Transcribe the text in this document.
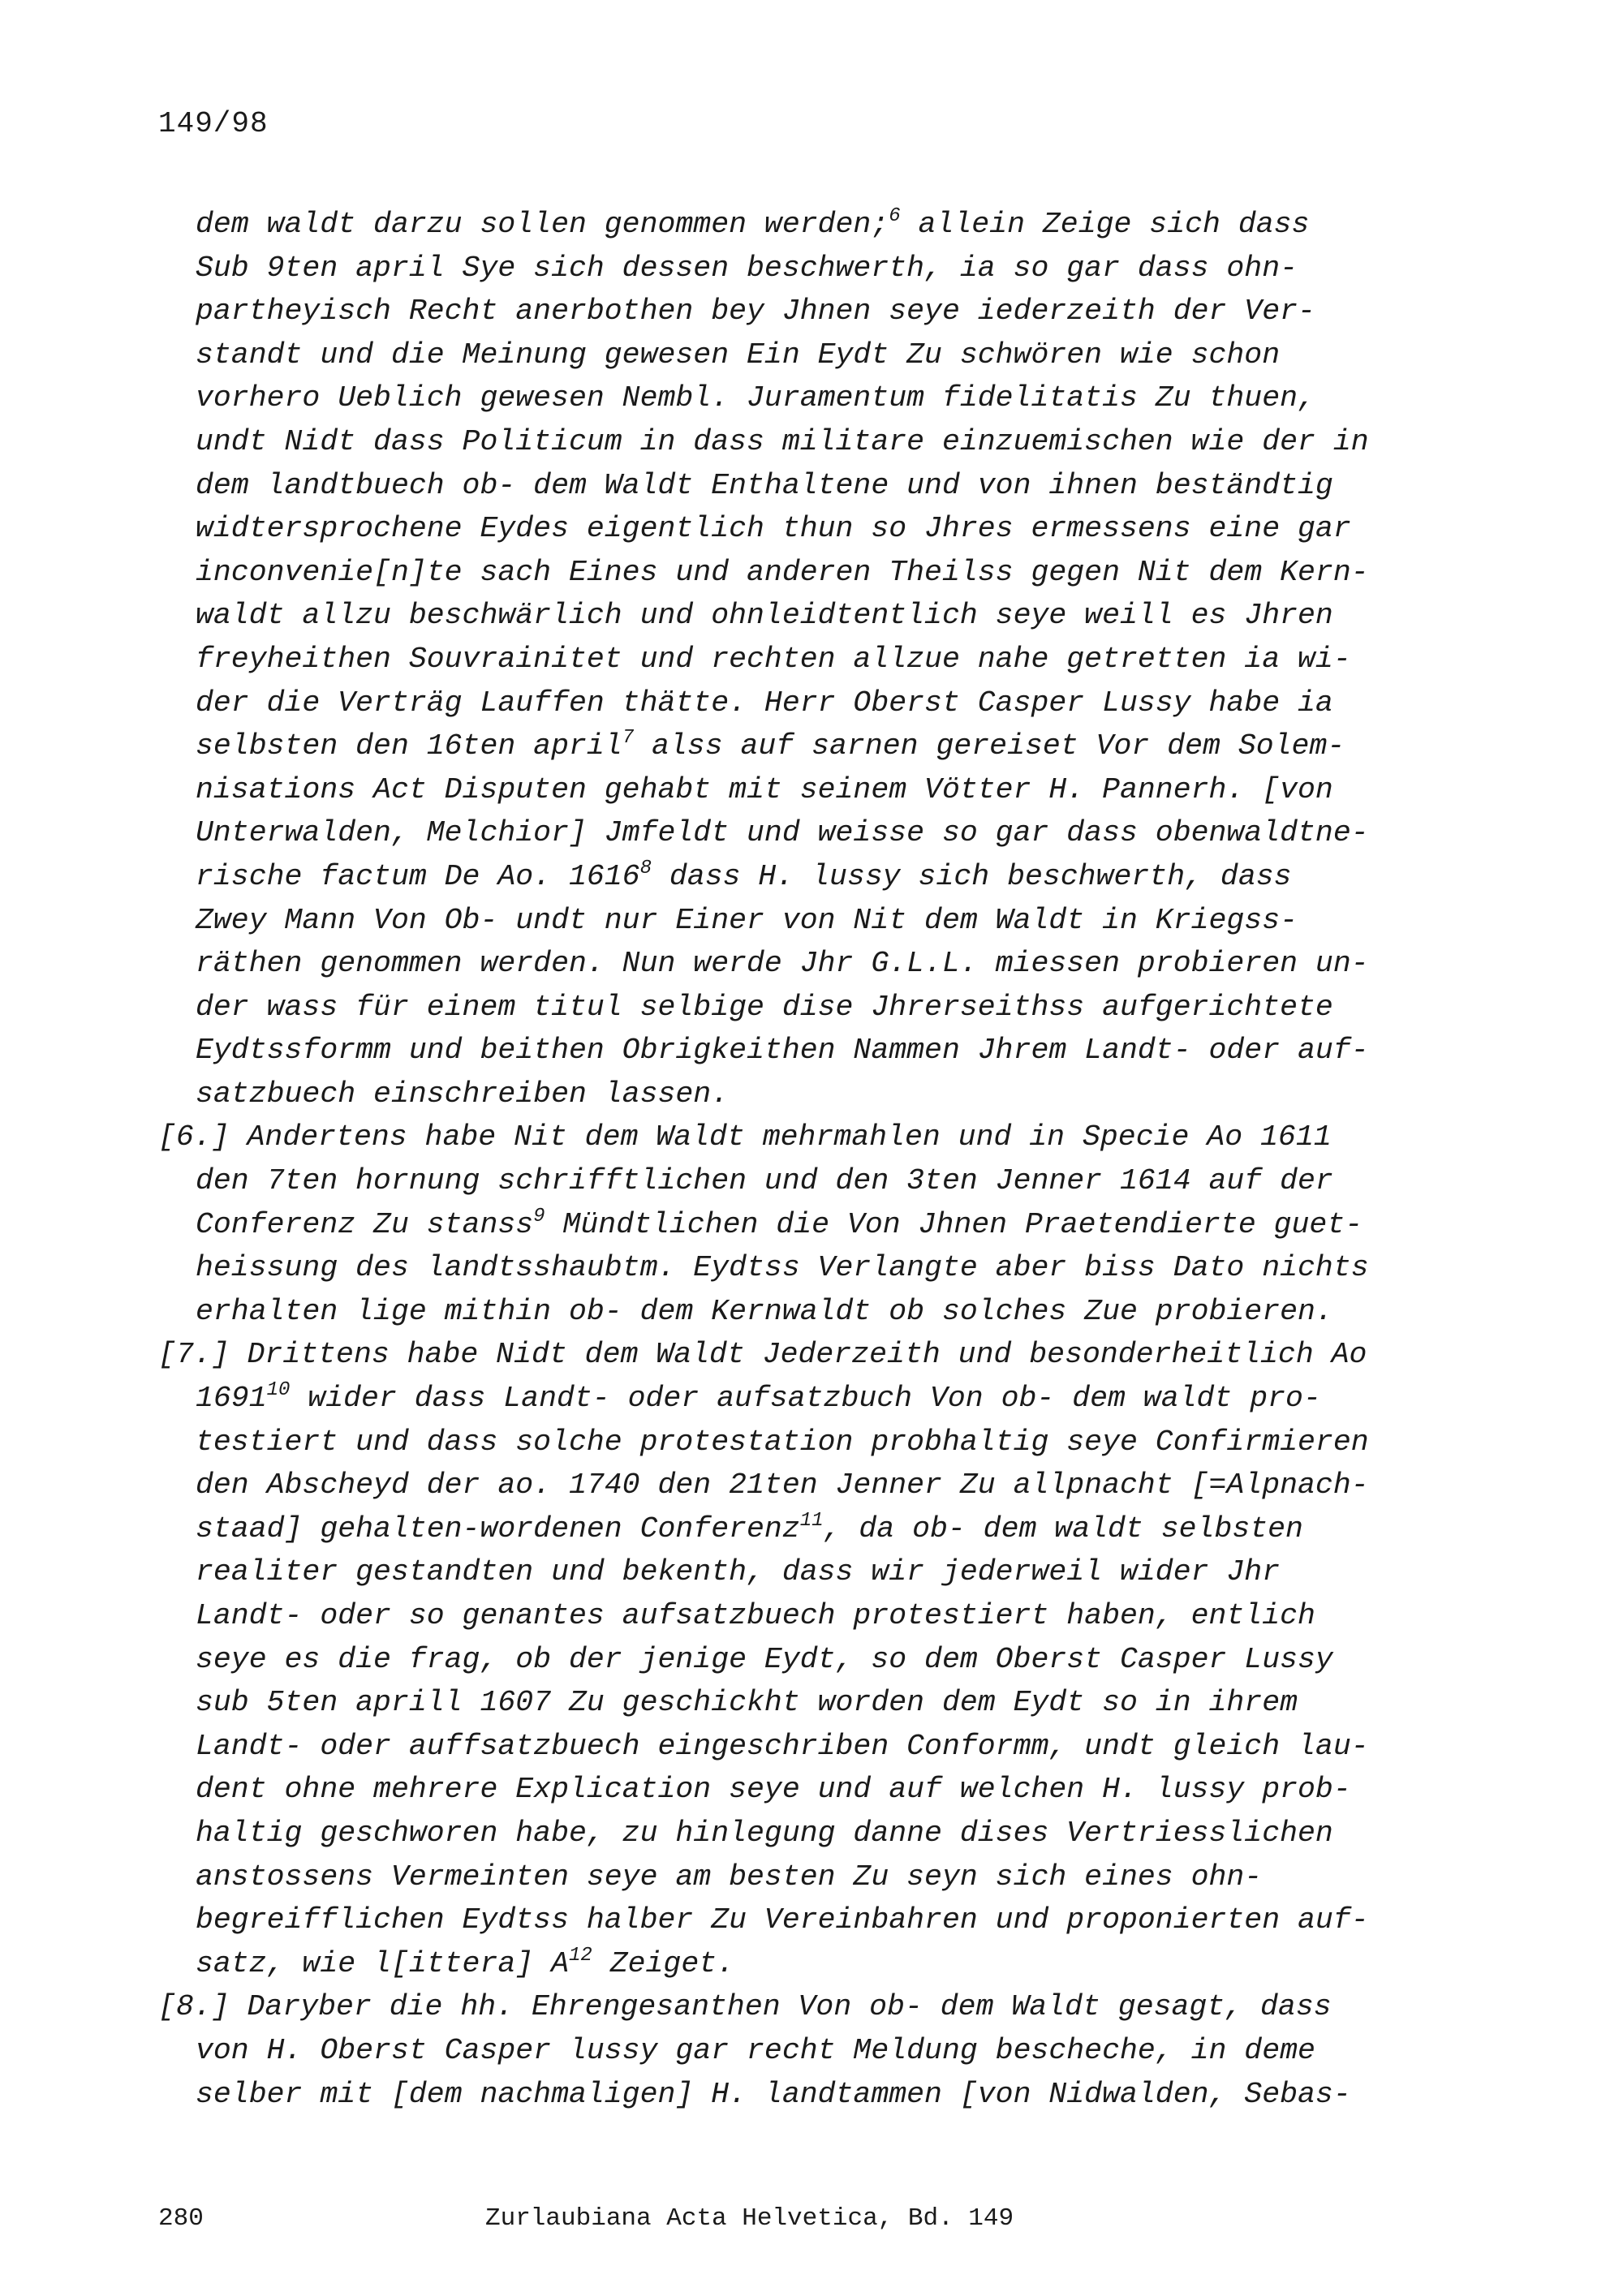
149/98
dem waldt darzu sollen genommen werden;$^6$ allein Zeige sich dass
Sub 9ten april Sye sich dessen beschwerth, ia so gar dass ohn-
partheyisch Recht anerbothen bey Jhnen seye iederzeith der Ver-
standt und die Meinung gewesen Ein Eydt Zu schwören wie schon
vorhero Ueblich gewesen Nembl. Juramentum fidelitatis Zu thuen,
undt Nidt dass Politicum in dass militare einzuemischen wie der in
dem landtbuech ob- dem Waldt Enthaltene und von ihnen beständtig
widtersprochene Eydes eigentlich thun so Jhres ermessens eine gar
inconvenie[n]te sach Eines und anderen Theilss gegen Nit dem Kern-
waldt allzu beschwärlich und ohnleidtentlich seye weill es Jhren
freyheithen Souvrainitet und rechten allzue nahe getretten ia wi-
der die Verträg Lauffen thätte. Herr Oberst Casper Lussy habe ia
selbsten den 16ten april$^7$ alss auf sarnen gereiset Vor dem Solem-
nisations Act Disputen gehabt mit seinem Vötter H. Pannerh. [von
Unterwalden, Melchior] Jmfeldt und weisse so gar dass obenwaldtne-
rische factum De Ao. 1616$^8$ dass H. lussy sich beschwerth, dass
Zwey Mann Von Ob- undt nur Einer von Nit dem Waldt in Kriegss-
räthen genommen werden. Nun werde Jhr G.L.L. miessen probieren un-
der wass für einem titul selbige dise Jhrerseithss aufgerichtete
Eydtssformm und beithen Obrigkeithen Nammen Jhrem Landt- oder auf-
satzbuech einschreiben lassen.
[6.] Andertens habe Nit dem Waldt mehrmahlen und in Specie Ao 1611
den 7ten hornung schrifftlichen und den 3ten Jenner 1614 auf der
Conferenz Zu stanss$^9$ Mündtlichen die Von Jhnen Praetendierte guet-
heissung des landtsshaubtm. Eydtss Verlangte aber biss Dato nichts
erhalten lige mithin ob- dem Kernwaldt ob solches Zue probieren.
[7.] Drittens habe Nidt dem Waldt Jederzeith und besonderheitlich Ao
1691$^{10}$ wider dass Landt- oder aufsatzbuch Von ob- dem waldt pro-
testiert und dass solche protestation probhaltig seye Confirmieren
den Abscheyd der ao. 1740 den 21ten Jenner Zu allpnacht [=Alpnach-
staad] gehalten-wordenen Conferenz$^{11}$, da ob- dem waldt selbsten
realiter gestandten und bekenth, dass wir jederweil wider Jhr
Landt- oder so genantes aufsatzbuech protestiert haben, entlich
seye es die frag, ob der jenige Eydt, so dem Oberst Casper Lussy
sub 5ten aprill 1607 Zu geschickht worden dem Eydt so in ihrem
Landt- oder auffsatzbuech eingeschriben Conformm, undt gleich lau-
dent ohne mehrere Explication seye und auf welchen H. lussy prob-
haltig geschworen habe, zu hinlegung danne dises Vertriesslichen
anstossens Vermeinten seye am besten Zu seyn sich eines ohn-
begreifflichen Eydtss halber Zu Vereinbahren und proponierten auf-
satz, wie l[ittera] $A^{12}$ Zeiget.
[8.] Daryber die hh. Ehrengesanthen Von ob- dem Waldt gesagt, dass
von H. Oberst Casper lussy gar recht Meldung bescheche, in deme
selber mit [dem nachmaligen] H. landtammen [von Nidwalden, Sebas-
280	Zurlaubiana Acta Helvetica, Bd. 149
